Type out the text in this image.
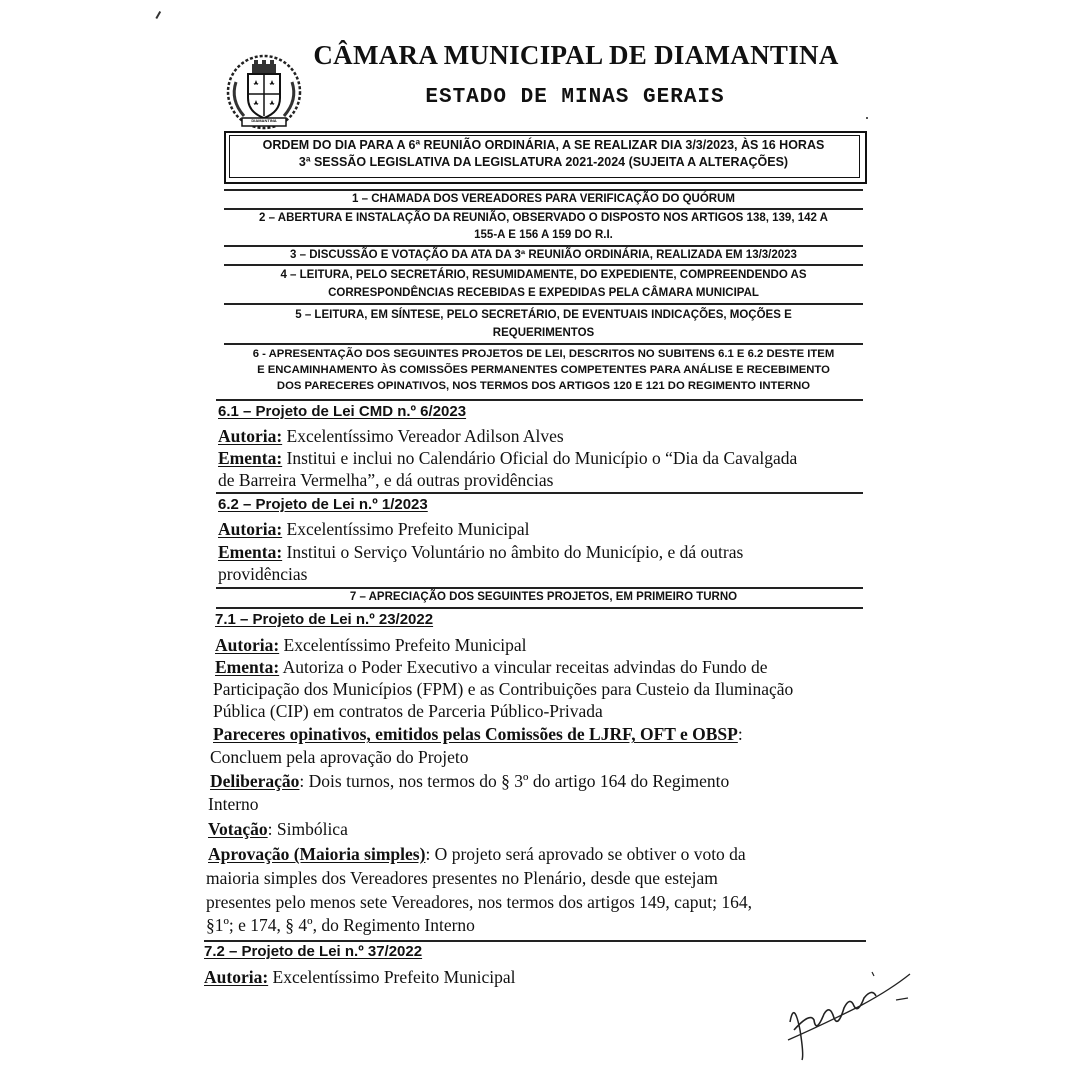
DIAMANTINA
CÂMARA MUNICIPAL DE DIAMANTINA
ESTADO DE MINAS GERAIS
ORDEM DO DIA PARA A 6ª REUNIÃO ORDINÁRIA, A SE REALIZAR DIA 3/3/2023, ÀS 16 HORAS
3ª SESSÃO LEGISLATIVA DA LEGISLATURA 2021-2024 (SUJEITA A ALTERAÇÕES)
1 – CHAMADA DOS VEREADORES PARA VERIFICAÇÃO DO QUÓRUM
2 – ABERTURA E INSTALAÇÃO DA REUNIÃO, OBSERVADO O DISPOSTO NOS ARTIGOS 138, 139, 142 A
155-A E 156 A 159 DO R.I.
3 – DISCUSSÃO E VOTAÇÃO DA ATA DA 3ª REUNIÃO ORDINÁRIA, REALIZADA EM 13/3/2023
4 – LEITURA, PELO SECRETÁRIO, RESUMIDAMENTE, DO EXPEDIENTE, COMPREENDENDO AS
CORRESPONDÊNCIAS RECEBIDAS E EXPEDIDAS PELA CÂMARA MUNICIPAL
5 – LEITURA, EM SÍNTESE, PELO SECRETÁRIO, DE EVENTUAIS INDICAÇÕES, MOÇÕES E
REQUERIMENTOS
6 - APRESENTAÇÃO DOS SEGUINTES PROJETOS DE LEI, DESCRITOS NO SUBITENS 6.1 E 6.2 DESTE ITEM
E ENCAMINHAMENTO ÀS COMISSÕES PERMANENTES COMPETENTES PARA ANÁLISE E RECEBIMENTO
DOS PARECERES OPINATIVOS, NOS TERMOS DOS ARTIGOS 120 E 121 DO REGIMENTO INTERNO
6.1 – Projeto de Lei CMD n.º 6/2023
Autoria: Excelentíssimo Vereador Adilson Alves
Ementa: Institui e inclui no Calendário Oficial do Município o “Dia da Cavalgada
de Barreira Vermelha”, e dá outras providências
6.2 – Projeto de Lei n.º 1/2023
Autoria: Excelentíssimo Prefeito Municipal
Ementa: Institui o Serviço Voluntário no âmbito do Município, e dá outras
providências
7 – APRECIAÇÃO DOS SEGUINTES PROJETOS, EM PRIMEIRO TURNO
7.1 – Projeto de Lei n.º 23/2022
Autoria: Excelentíssimo Prefeito Municipal
Ementa: Autoriza o Poder Executivo a vincular receitas advindas do Fundo de
Participação dos Municípios (FPM) e as Contribuições para Custeio da Iluminação
Pública (CIP) em contratos de Parceria Público-Privada
Pareceres opinativos, emitidos pelas Comissões de LJRF, OFT e OBSP:
Concluem pela aprovação do Projeto
Deliberação: Dois turnos, nos termos do § 3º do artigo 164 do Regimento
Interno
Votação: Simbólica
Aprovação (Maioria simples): O projeto será aprovado se obtiver o voto da
maioria simples dos Vereadores presentes no Plenário, desde que estejam
presentes pelo menos sete Vereadores, nos termos dos artigos 149, caput; 164,
§1º; e 174, § 4º, do Regimento Interno
7.2 – Projeto de Lei n.º 37/2022
Autoria: Excelentíssimo Prefeito Municipal
